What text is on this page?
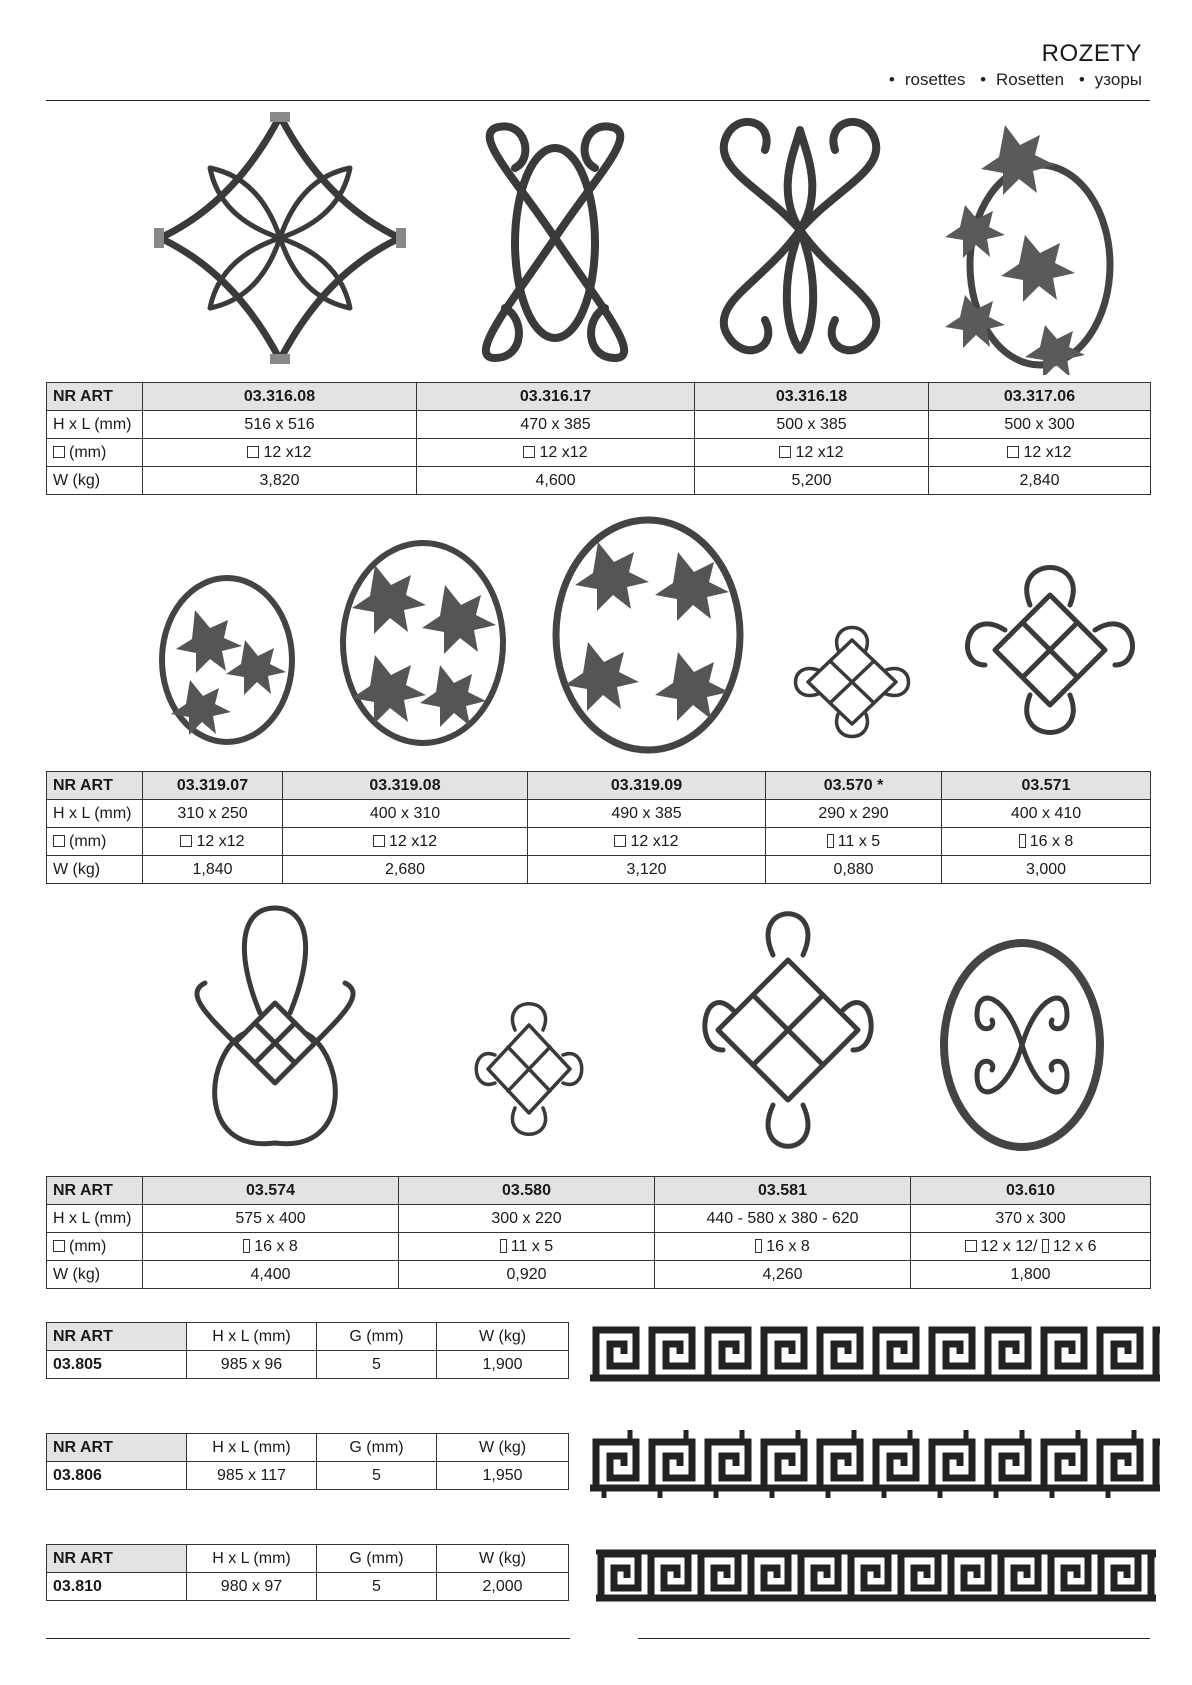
ROZETY
• rosettes • Rosetten • узоры
NR ART	03.316.08	03.316.17	03.316.18	03.317.06
H x L (mm)	516 x 516	470 x 385	500 x 385	500 x 300
(mm)	12 x12	12 x12	12 x12	12 x12
W (kg)	3,820	4,600	5,200	2,840
NR ART	03.319.07	03.319.08	03.319.09	03.570 *	03.571
H x L (mm)	310 x 250	400 x 310	490 x 385	290 x 290	400 x 410
(mm)	12 x12	12 x12	12 x12	11 x 5	16 x 8
W (kg)	1,840	2,680	3,120	0,880	3,000
NR ART	03.574	03.580	03.581	03.610
H x L (mm)	575 x 400	300 x 220	440 - 580 x 380 - 620	370 x 300
(mm)	16 x 8	11 x 5	16 x 8	12 x 12/ 12 x 6
W (kg)	4,400	0,920	4,260	1,800
NR ART	H x L (mm)	G (mm)	W (kg)
03.805	985 x 96	5	1,900
NR ART	H x L (mm)	G (mm)	W (kg)
03.806	985 x 117	5	1,950
NR ART	H x L (mm)	G (mm)	W (kg)
03.810	980 x 97	5	2,000
